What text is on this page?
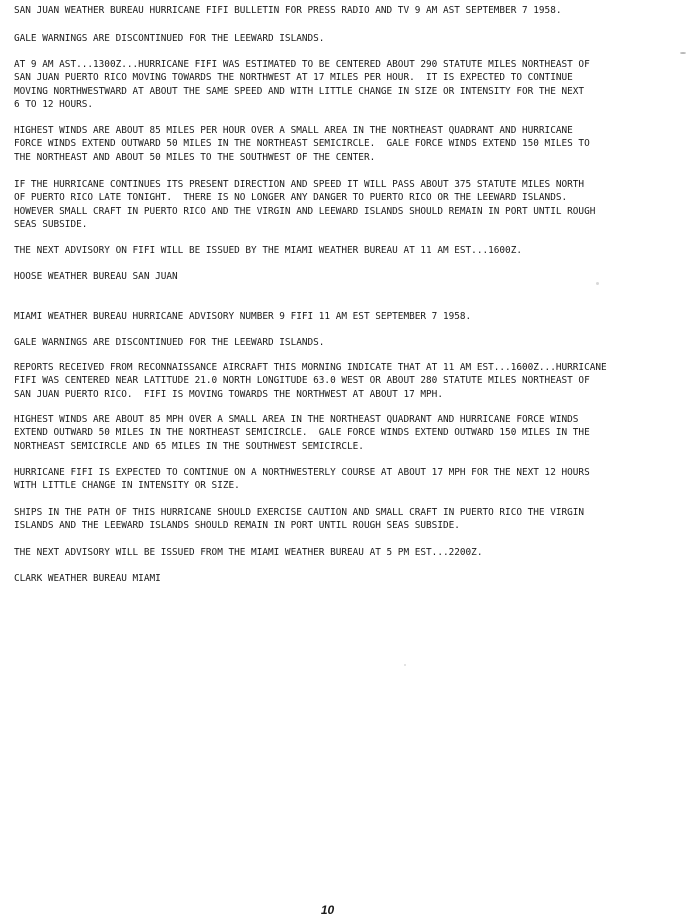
SAN JUAN WEATHER BUREAU HURRICANE FIFI BULLETIN FOR PRESS RADIO AND TV 9 AM AST SEPTEMBER 7 1958.

GALE WARNINGS ARE DISCONTINUED FOR THE LEEWARD ISLANDS.

AT 9 AM AST...1300Z...HURRICANE FIFI WAS ESTIMATED TO BE CENTERED ABOUT 290 STATUTE MILES NORTHEAST OF
SAN JUAN PUERTO RICO MOVING TOWARDS THE NORTHWEST AT 17 MILES PER HOUR.  IT IS EXPECTED TO CONTINUE
MOVING NORTHWESTWARD AT ABOUT THE SAME SPEED AND WITH LITTLE CHANGE IN SIZE OR INTENSITY FOR THE NEXT
6 TO 12 HOURS.

HIGHEST WINDS ARE ABOUT 85 MILES PER HOUR OVER A SMALL AREA IN THE NORTHEAST QUADRANT AND HURRICANE
FORCE WINDS EXTEND OUTWARD 50 MILES IN THE NORTHEAST SEMICIRCLE.  GALE FORCE WINDS EXTEND 150 MILES TO
THE NORTHEAST AND ABOUT 50 MILES TO THE SOUTHWEST OF THE CENTER.

IF THE HURRICANE CONTINUES ITS PRESENT DIRECTION AND SPEED IT WILL PASS ABOUT 375 STATUTE MILES NORTH
OF PUERTO RICO LATE TONIGHT.  THERE IS NO LONGER ANY DANGER TO PUERTO RICO OR THE LEEWARD ISLANDS.
HOWEVER SMALL CRAFT IN PUERTO RICO AND THE VIRGIN AND LEEWARD ISLANDS SHOULD REMAIN IN PORT UNTIL ROUGH
SEAS SUBSIDE.

THE NEXT ADVISORY ON FIFI WILL BE ISSUED BY THE MIAMI WEATHER BUREAU AT 11 AM EST...1600Z.

HOOSE WEATHER BUREAU SAN JUAN

MIAMI WEATHER BUREAU HURRICANE ADVISORY NUMBER 9 FIFI 11 AM EST SEPTEMBER 7 1958.

GALE WARNINGS ARE DISCONTINUED FOR THE LEEWARD ISLANDS.

REPORTS RECEIVED FROM RECONNAISSANCE AIRCRAFT THIS MORNING INDICATE THAT AT 11 AM EST...1600Z...HURRICANE
FIFI WAS CENTERED NEAR LATITUDE 21.0 NORTH LONGITUDE 63.0 WEST OR ABOUT 280 STATUTE MILES NORTHEAST OF
SAN JUAN PUERTO RICO.  FIFI IS MOVING TOWARDS THE NORTHWEST AT ABOUT 17 MPH.

HIGHEST WINDS ARE ABOUT 85 MPH OVER A SMALL AREA IN THE NORTHEAST QUADRANT AND HURRICANE FORCE WINDS
EXTEND OUTWARD 50 MILES IN THE NORTHEAST SEMICIRCLE.  GALE FORCE WINDS EXTEND OUTWARD 150 MILES IN THE
NORTHEAST SEMICIRCLE AND 65 MILES IN THE SOUTHWEST SEMICIRCLE.

HURRICANE FIFI IS EXPECTED TO CONTINUE ON A NORTHWESTERLY COURSE AT ABOUT 17 MPH FOR THE NEXT 12 HOURS
WITH LITTLE CHANGE IN INTENSITY OR SIZE.

SHIPS IN THE PATH OF THIS HURRICANE SHOULD EXERCISE CAUTION AND SMALL CRAFT IN PUERTO RICO THE VIRGIN
ISLANDS AND THE LEEWARD ISLANDS SHOULD REMAIN IN PORT UNTIL ROUGH SEAS SUBSIDE.

THE NEXT ADVISORY WILL BE ISSUED FROM THE MIAMI WEATHER BUREAU AT 5 PM EST...2200Z.

CLARK WEATHER BUREAU MIAMI

10
